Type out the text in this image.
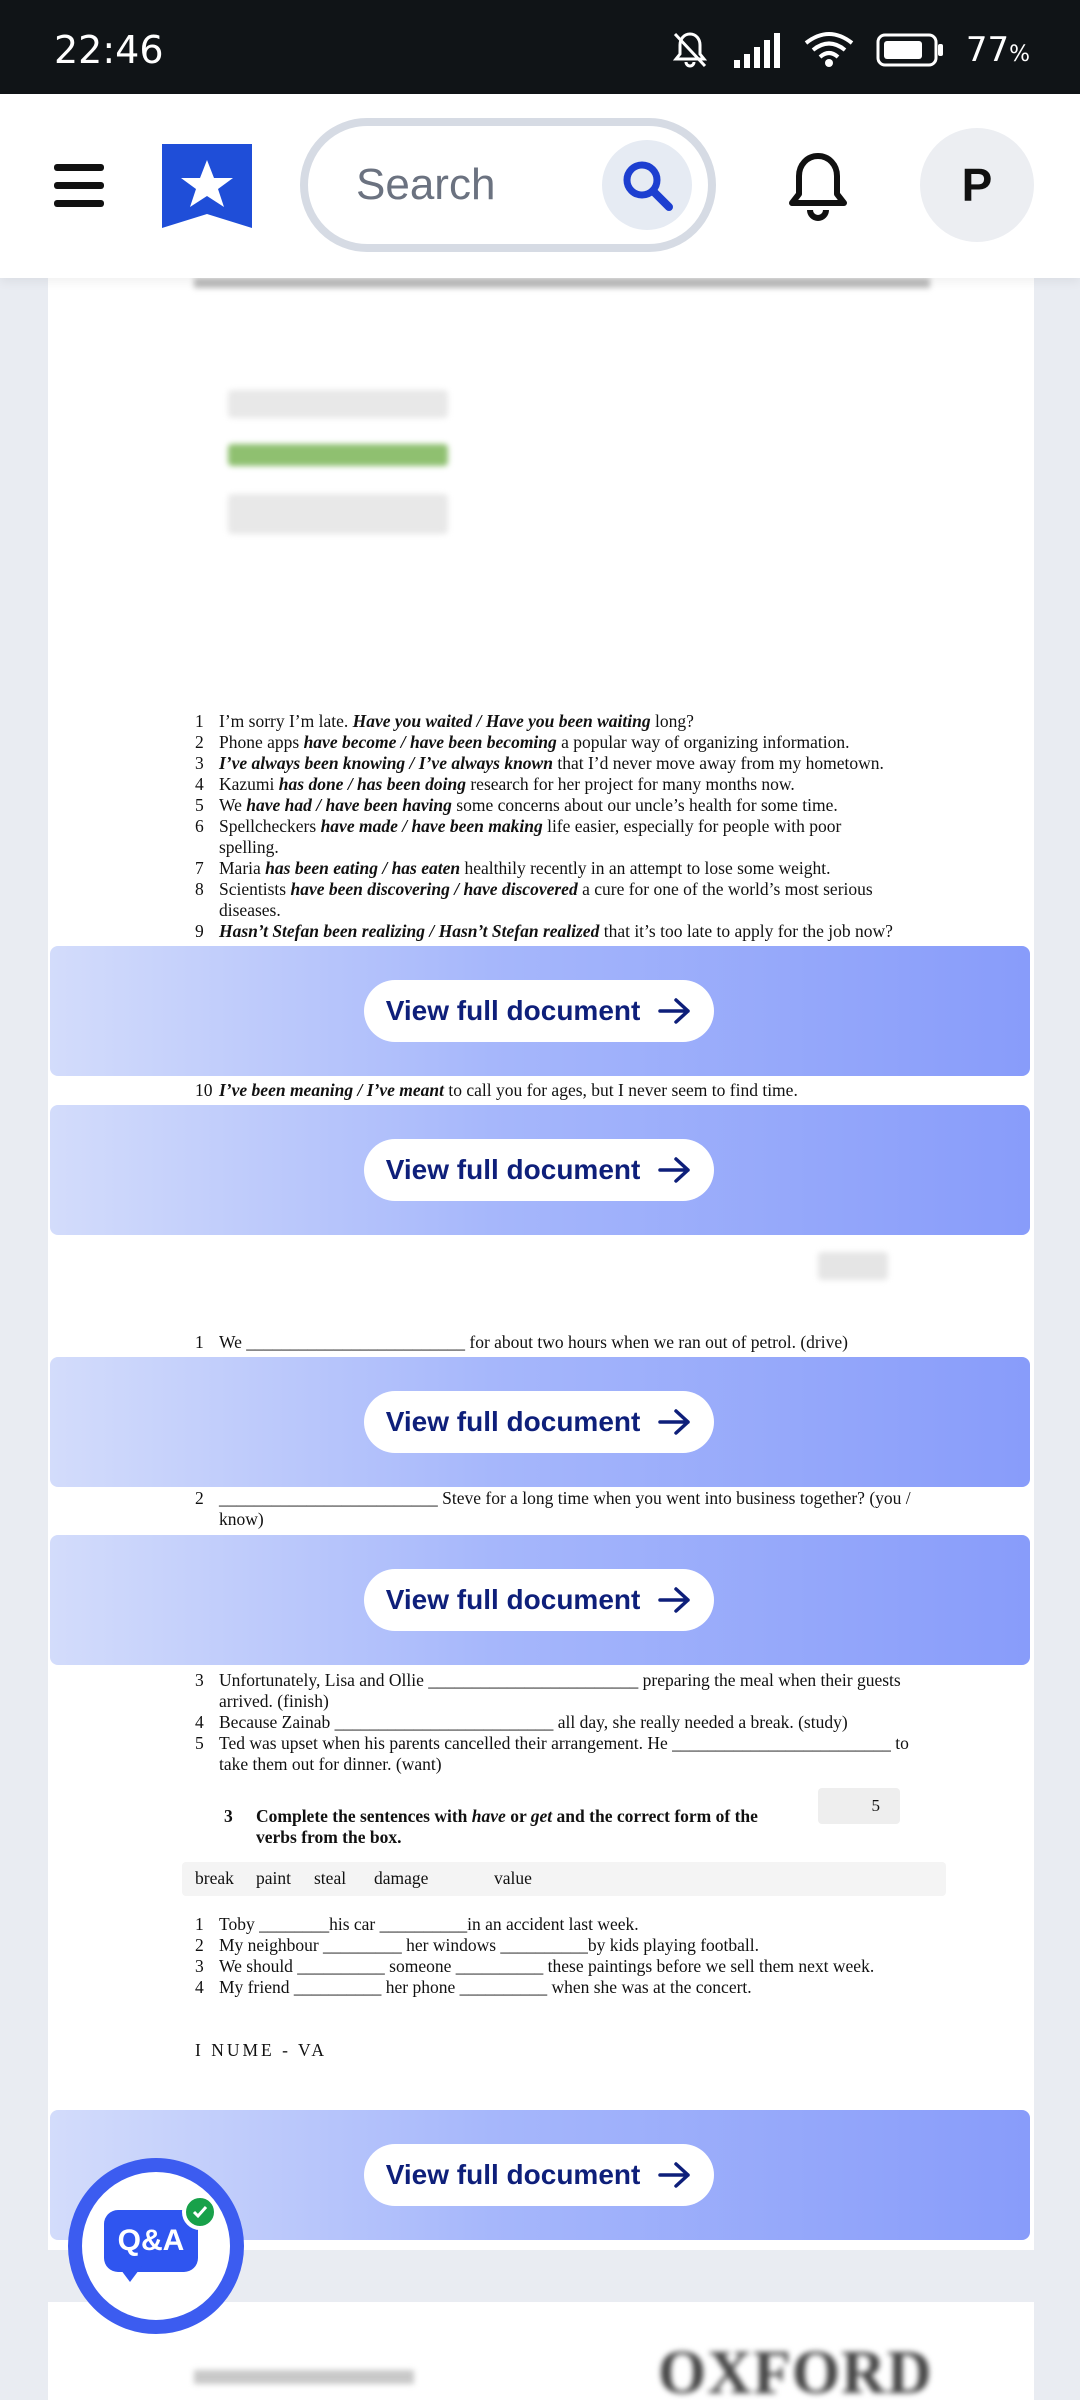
22:46	77%
Search	P
1 I’m sorry I’m late. Have you waited / Have you been waiting long?
2 Phone apps have become / have been becoming a popular way of organizing information.
3 I’ve always been knowing / I’ve always known that I’d never move away from my hometown.
4 Kazumi has done / has been doing research for her project for many months now.
5 We have had / have been having some concerns about our uncle’s health for some time.
6 Spellcheckers have made / have been making life easier, especially for people with poor spelling.
7 Maria has been eating / has eaten healthily recently in an attempt to lose some weight.
8 Scientists have been discovering / have discovered a cure for one of the world’s most serious diseases.
9 Hasn’t Stefan been realizing / Hasn’t Stefan realized that it’s too late to apply for the job now?
View full document
10 I’ve been meaning / I’ve meant to call you for ages, but I never seem to find time.
View full document
1 We _________________________ for about two hours when we ran out of petrol. (drive)
View full document
2 _________________________ Steve for a long time when you went into business together? (you / know)
View full document
3 Unfortunately, Lisa and Ollie ________________________ preparing the meal when their guests arrived. (finish)
4 Because Zainab _________________________ all day, she really needed a break. (study)
5 Ted was upset when his parents cancelled their arrangement. He _________________________ to take them out for dinner. (want)
3 Complete the sentences with have or get and the correct form of the verbs from the box.
5
break paint steal damage	value
1 Toby ________his car __________in an accident last week.
2 My neighbour _________ her windows __________by kids playing football.
3 We should __________ someone __________ these paintings before we sell them next week.
4 My friend __________ her phone __________ when she was at the concert.
I NUME - VA
View full document
OXFORD
Q&A
